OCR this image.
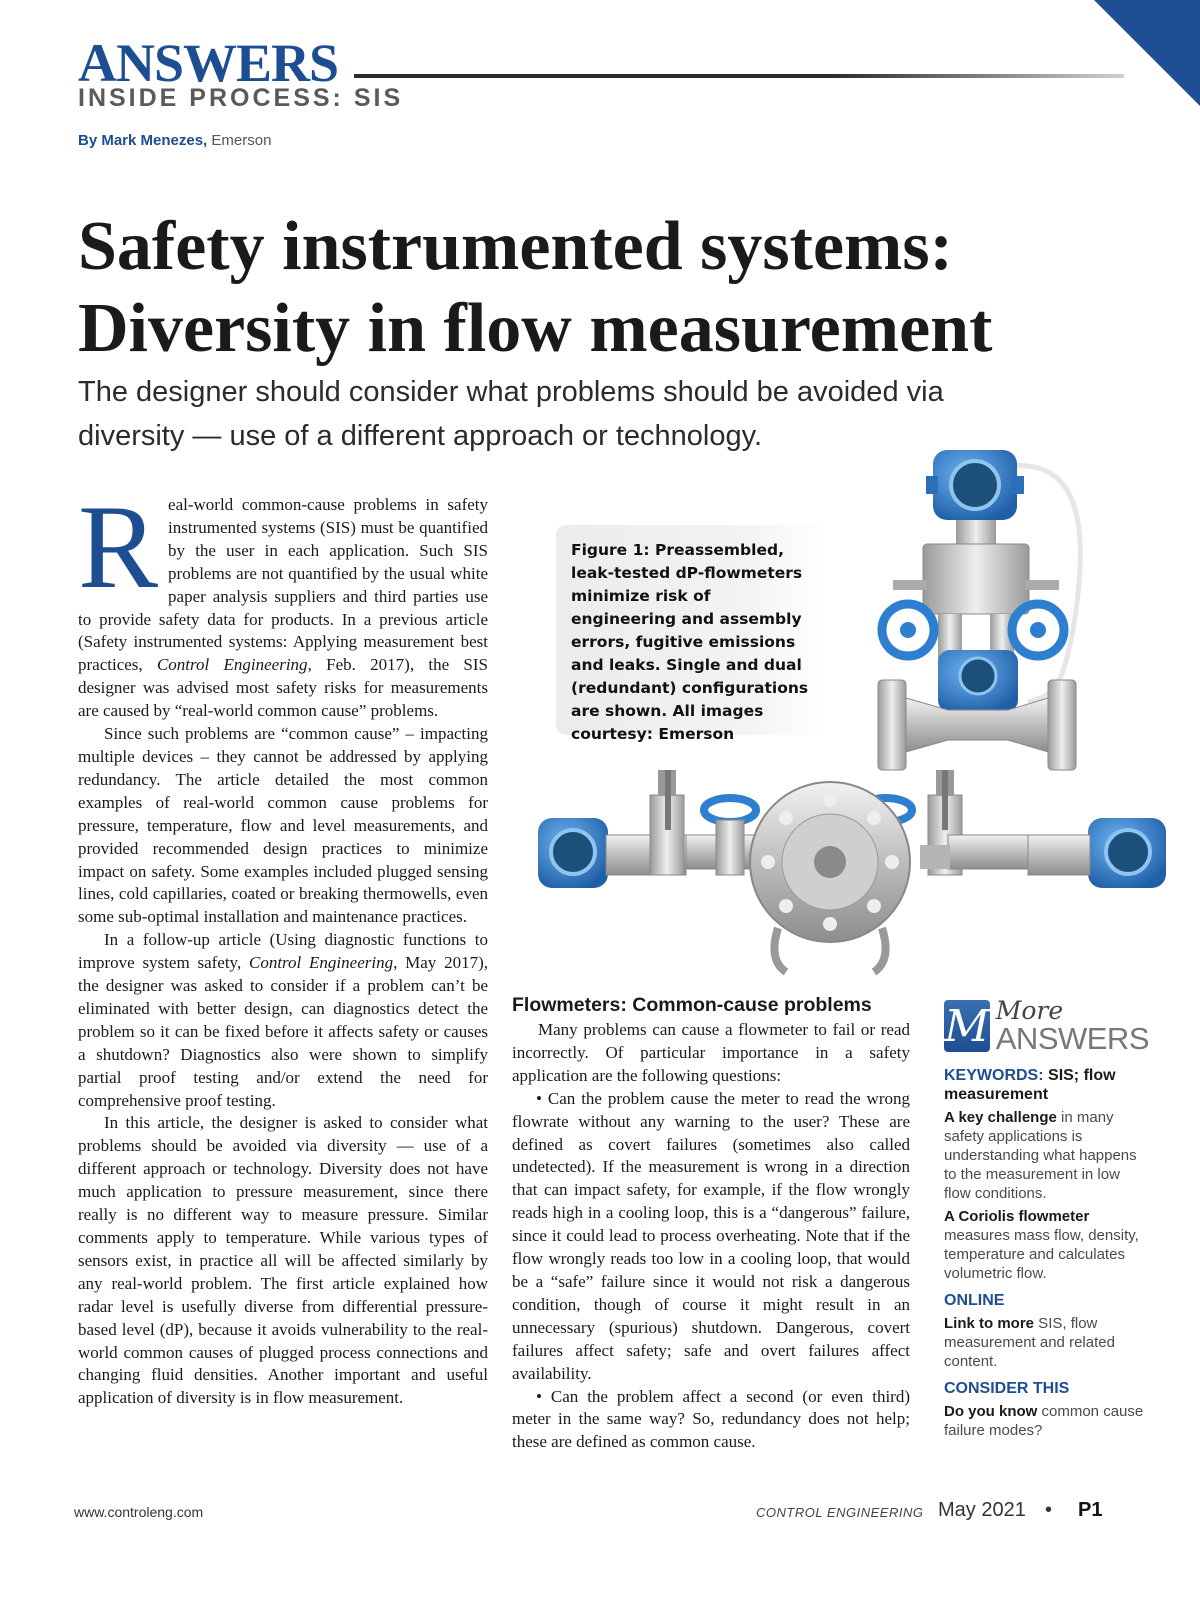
ANSWERS
INSIDE PROCESS: SIS
By Mark Menezes, Emerson
Safety instrumented systems:
Diversity in flow measurement
The designer should consider what problems should be avoided via diversity — use of a different approach or technology.

Real-world common-cause problems in safety instrumented systems (SIS) must be quantified by the user in each application. Such SIS problems are not quantified by the usual white paper analysis suppliers and third parties use to provide safety data for products. In a previous article (Safety instrumented systems: Applying measurement best practices, Control Engineering, Feb. 2017), the SIS designer was advised most safety risks for measurements are caused by “real-world common cause” problems.

Since such problems are “common cause” – impacting multiple devices – they cannot be addressed by applying redundancy. The article detailed the most common examples of real-world common cause problems for pressure, temperature, flow and level measurements, and provided recommended design practices to minimize impact on safety. Some examples included plugged sensing lines, cold capillaries, coated or breaking thermowells, even some sub-optimal installation and maintenance practices.

In a follow-up article (Using diagnostic functions to improve system safety, Control Engineering, May 2017), the designer was asked to consider if a problem can’t be eliminated with better design, can diagnostics detect the problem so it can be fixed before it affects safety or causes a shutdown? Diagnostics also were shown to simplify partial proof testing and/or extend the need for comprehensive proof testing.

In this article, the designer is asked to consider what problems should be avoided via diversity — use of a different approach or technology. Diversity does not have much application to pressure measurement, since there really is no different way to measure pressure. Similar comments apply to temperature. While various types of sensors exist, in practice all will be affected similarly by any real-world problem. The first article explained how radar level is usefully diverse from differential pressure-based level (dP), because it avoids vulnerability to the real-world common causes of plugged process connections and changing fluid densities. Another important and useful application of diversity is in flow measurement.

Figure 1: Preassembled, leak-tested dP-flowmeters minimize risk of engineering and assembly errors, fugitive emissions and leaks. Single and dual (redundant) configurations are shown. All images courtesy: Emerson
Flowmeters: Common-cause problems

Many problems can cause a flowmeter to fail or read incorrectly. Of particular importance in a safety application are the following questions:

• Can the problem cause the meter to read the wrong flowrate without any warning to the user? These are defined as covert failures (sometimes also called undetected). If the measurement is wrong in a direction that can impact safety, for example, if the flow wrongly reads high in a cooling loop, this is a “dangerous” failure, since it could lead to process overheating. Note that if the flow wrongly reads too low in a cooling loop, that would be a “safe” failure since it would not risk a dangerous condition, though of course it might result in an unnecessary (spurious) shutdown. Dangerous, covert failures affect safety; safe and overt failures affect availability.

• Can the problem affect a second (or even third) meter in the same way? So, redundancy does not help; these are defined as common cause.

M More
ANSWERS
KEYWORDS: SIS; flow measurement
A key challenge in many safety applications is understanding what happens to the measurement in low flow conditions.
A Coriolis flowmeter measures mass flow, density, temperature and calculates volumetric flow.
ONLINE
Link to more SIS, flow measurement and related content.
CONSIDER THIS
Do you know common cause failure modes?
www.controleng.com	CONTROL ENGINEERING May 2021 • P1
